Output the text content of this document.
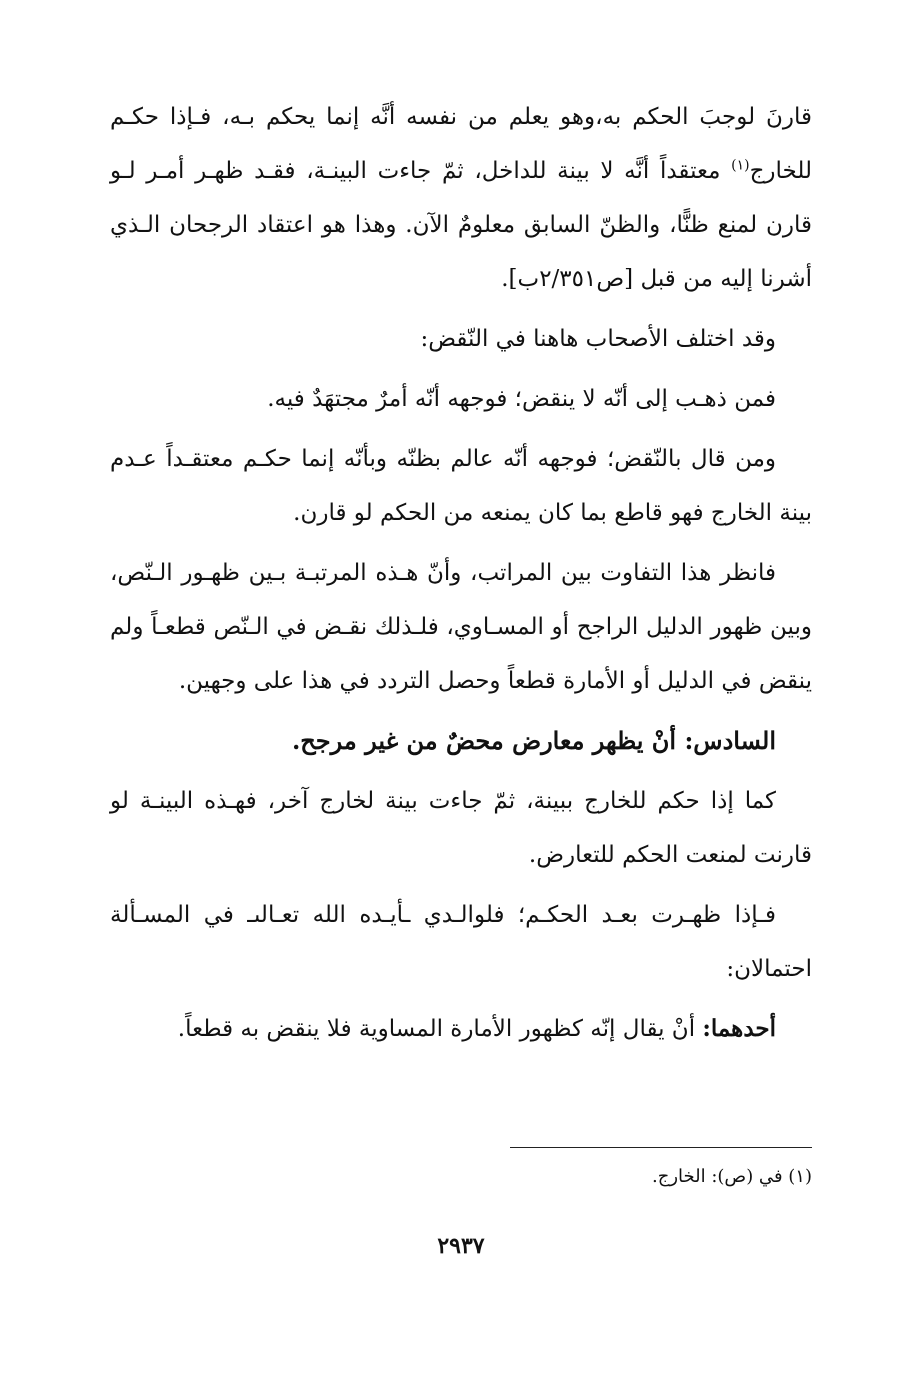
قارنَ لوجبَ الحكم به،وهو يعلم من نفسه أنَّه إنما يحكم بـه، فـإذا حكـم للخارج$^{(١)}$ معتقداً أنَّه لا بينة للداخل، ثمّ جاءت البينـة، فقـد ظهـر أمـر لـو قارن لمنع ظنًّا، والظنّ السابق معلومٌ الآن. وهذا هو اعتقاد الرجحان الـذي أشرنا إليه من قبل [ص٢/٣٥١ب].

وقد اختلف الأصحاب هاهنا في النّقض:

فمن ذهـب إلى أنّه لا ينقض؛ فوجهه أنّه أمرٌ مجتهَدٌ فيه.

ومن قال بالنّقض؛ فوجهه أنّه عالم بظنّه وبأنّه إنما حكـم معتقـداً عـدم بينة الخارج فهو قاطع بما كان يمنعه من الحكم لو قارن.

فانظر هذا التفاوت بين المراتب، وأنّ هـذه المرتبـة بـين ظهـور الـنّص، وبين ظهور الدليل الراجح أو المسـاوي، فلـذلك نقـض في الـنّص قطعـاً ولم ينقض في الدليل أو الأمارة قطعاً وحصل التردد في هذا على وجهين.

السادس: أنْ يظهر معارض محضٌ من غير مرجح.

كما إذا حكم للخارج ببينة، ثمّ جاءت بينة لخارج آخر، فهـذه البينـة لو قارنت لمنعت الحكم للتعارض.

فـإذا ظهـرت بعـد الحكـم؛ فلوالـدي ـأيـده الله تعـالىـ في المسـألة احتمالان:

أحدهما: أنْ يقال إنّه كظهور الأمارة المساوية فلا ينقض به قطعاً.

(١) في (ص): الخارج.
٢٩٣٧
